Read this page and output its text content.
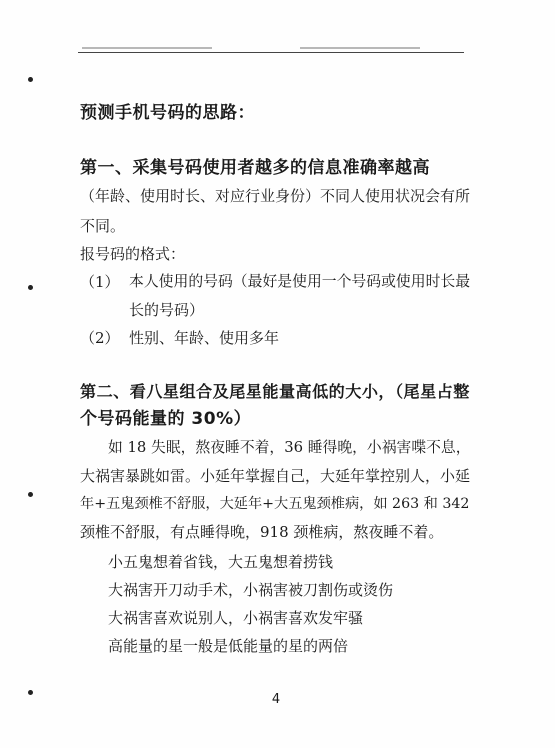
预测手机号码的思路：
第一、采集号码使用者越多的信息准确率越高
（年龄、使用时长、对应行业身份）不同人使用状况会有所
不同。
报号码的格式：
（1） 本人使用的号码（最好是使用一个号码或使用时长最
长的号码）
（2） 性别、年龄、使用多年
第二、看八星组合及尾星能量高低的大小，（尾星占整
个号码能量的 30%）
如 18 失眠，熬夜睡不着，36 睡得晚，小祸害喋不息，
大祸害暴跳如雷。小延年掌握自己，大延年掌控别人，小延
年+五鬼颈椎不舒服，大延年+大五鬼颈椎病，如 263 和 342
颈椎不舒服，有点睡得晚，918 颈椎病，熬夜睡不着。
小五鬼想着省钱，大五鬼想着捞钱
大祸害开刀动手术，小祸害被刀割伤或烫伤
大祸害喜欢说别人，小祸害喜欢发牢骚
高能量的星一般是低能量的星的两倍
4
